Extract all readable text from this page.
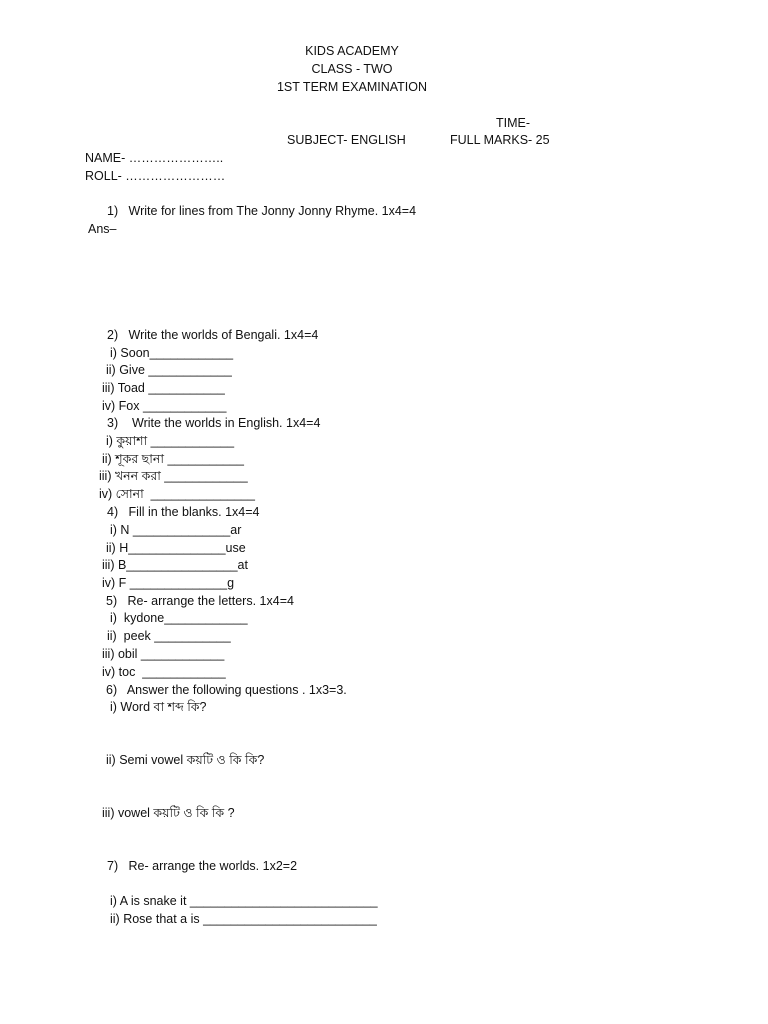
KIDS ACADEMY
CLASS - TWO
1ST TERM EXAMINATION
TIME-
SUBJECT- ENGLISH	FULL MARKS- 25
NAME- …………………..
ROLL- ……………………
1)   Write for lines from The Jonny Jonny Rhyme. 1x4=4
Ans–
2)   Write the worlds of Bengali. 1x4=4
i) Soon____________
ii) Give ____________
iii) Toad ___________
iv) Fox ____________
3)    Write the worlds in English. 1x4=4
i) কুয়াশা ____________
ii) শূকর ছানা ___________
iii) খনন করা ____________
iv) সোনা  _______________
4)   Fill in the blanks. 1x4=4
i) N ______________ar
ii) H______________use
iii) B________________at
iv) F ______________g
5)   Re- arrange the letters. 1x4=4
i)  kydone____________
ii)  peek ___________
iii) obil ____________
iv) toc  ____________
6)   Answer the following questions . 1x3=3.
i) Word বা শব্দ কি?
ii) Semi vowel কয়টি ও কি কি?
iii) vowel কয়টি ও কি কি ?
7)   Re- arrange the worlds. 1x2=2
i) A is snake it ___________________________
ii) Rose that a is _________________________
